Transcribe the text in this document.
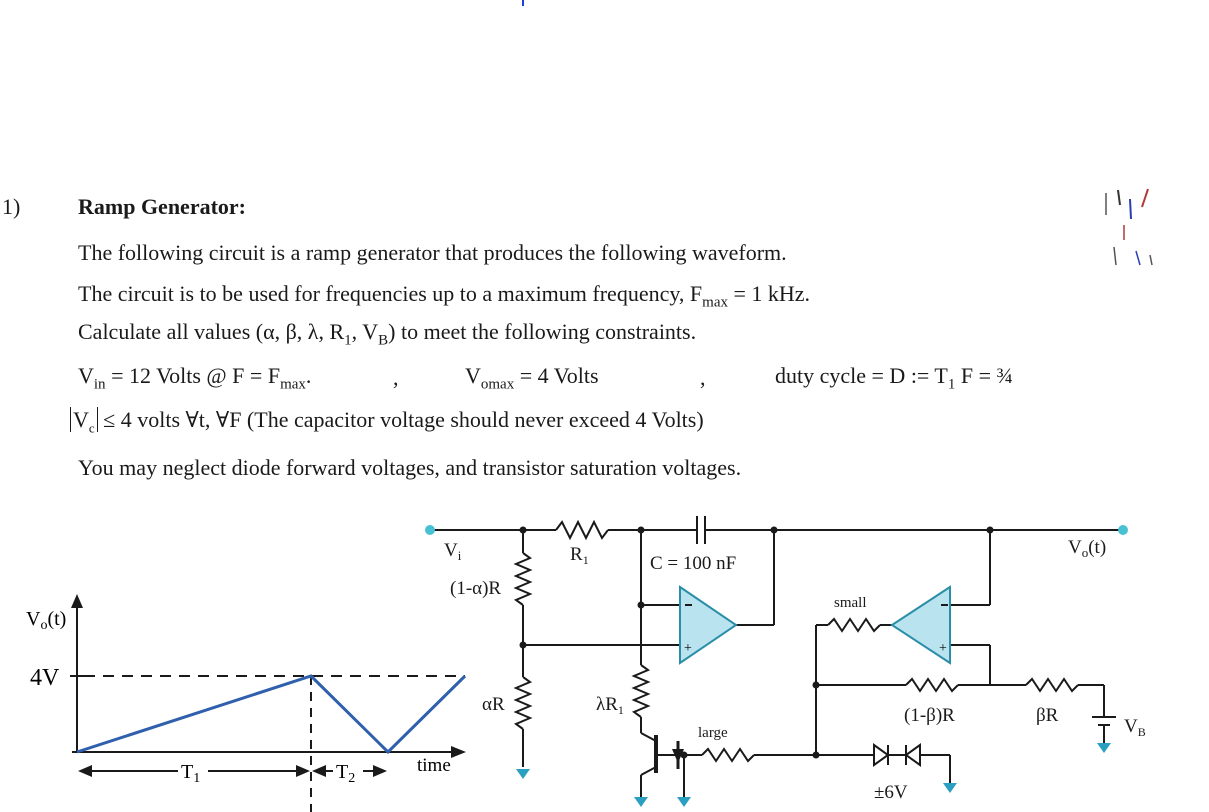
1)	Ramp Generator:
The following circuit is a ramp generator that produces the following waveform.
The circuit is to be used for frequencies up to a maximum frequency, $F_{max} = 1$ kHz.
Calculate all values (α, β, λ, $R_1$, $V_B$) to meet the following constraints.
$V_{in} = 12$ Volts @ $F = F_{max}$.	,	$V_{omax} = 4$ Volts	,	duty cycle = D := $T_1$ F = ¾
$V_c \le 4$ volts ∀t, ∀F (The capacitor voltage should never exceed 4 Volts)
You may neglect diode forward voltages, and transistor saturation voltages.
$V_o(t)$
4V
time
$T_1$	$T_2$
+	+
$V_i$	$R_1$	C = 100 nF
$V_o(t)$
(1-α)R
αR	$\lambda R_1$
small
large
(1-β)R	βR
$V_B$
±6V
